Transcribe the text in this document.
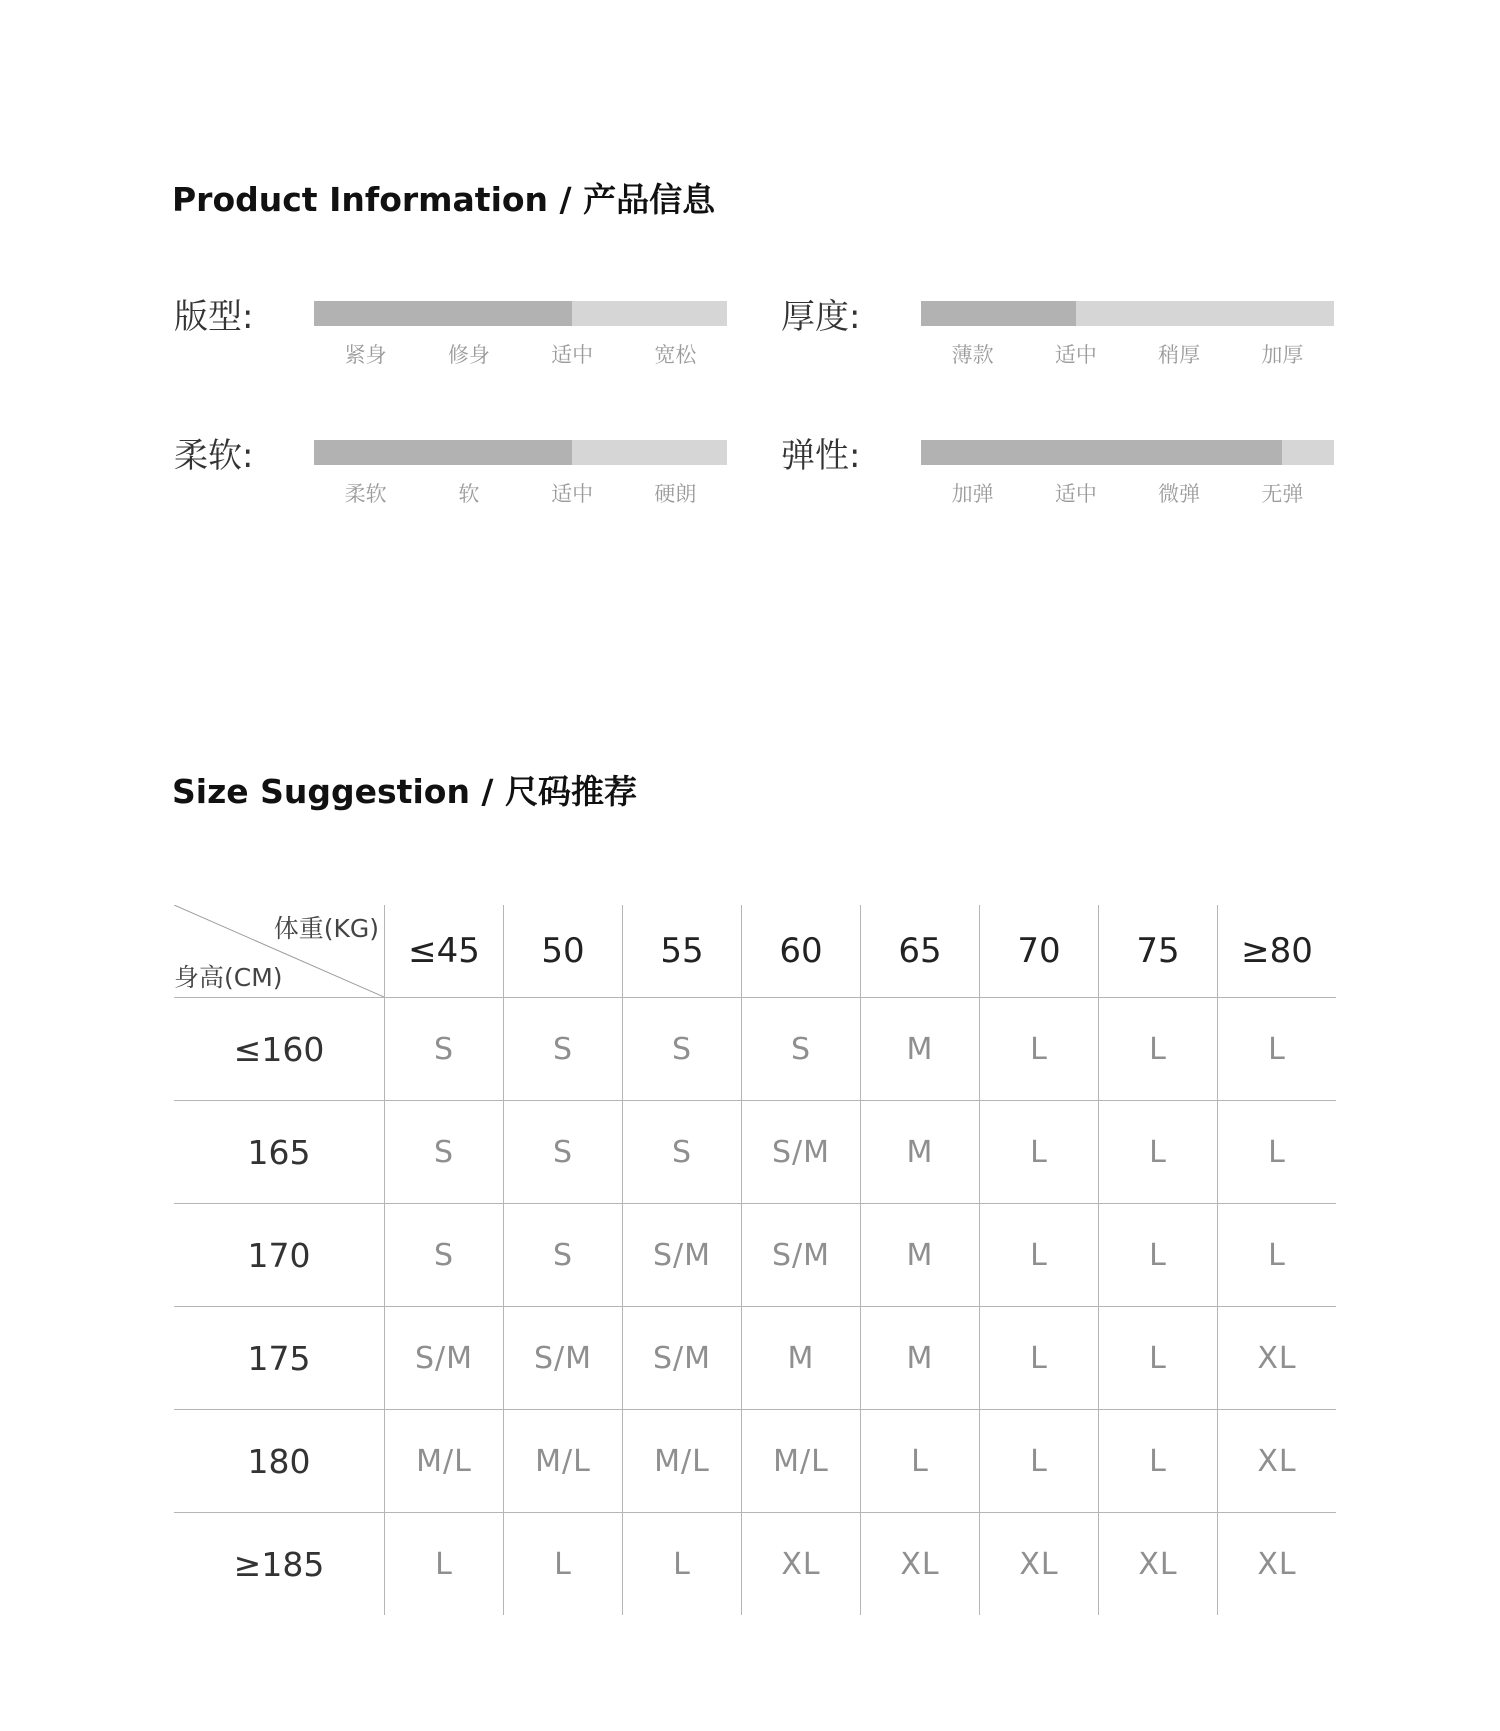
Product Information / 产品信息
版型:
紧身	修身	适中	宽松
厚度:
薄款	适中	稍厚	加厚
柔软:
柔软	软	适中	硬朗
弹性:
加弹	适中	微弹	无弹
Size Suggestion / 尺码推荐
体重(KG)
身高(CM)	≤45	50	55	60	65	70	75	≥80
≤160	S	S	S	S	M	L	L	L
165	S	S	S	S/M	M	L	L	L
170	S	S	S/M	S/M	M	L	L	L
175	S/M	S/M	S/M	M	M	L	L	XL
180	M/L	M/L	M/L	M/L	L	L	L	XL
≥185	L	L	L	XL	XL	XL	XL	XL
